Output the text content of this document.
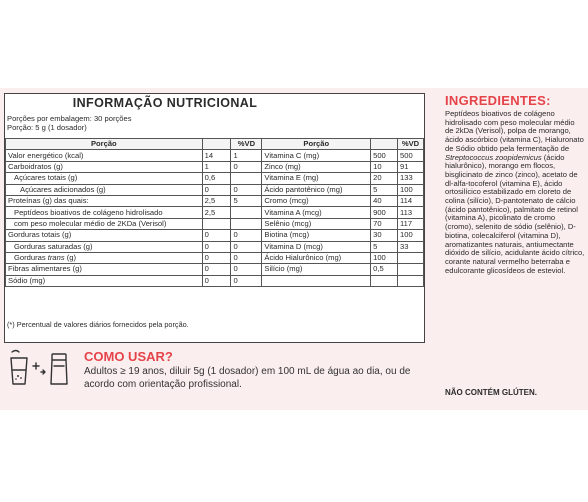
INFORMAÇÃO NUTRICIONAL
Porções por embalagem: 30 porções
Porção: 5 g (1 dosador)
Porção		%VD	Porção		%VD
Valor energético (kcal)	14	1	Vitamina C (mg)	500	500
Carboidratos (g)	1	0	Zinco (mg)	10	91
Açúcares totais (g)	0,6		Vitamina E (mg)	20	133
Açúcares adicionados (g)	0	0	Ácido pantotênico (mg)	5	100
Proteínas (g) das quais:	2,5	5	Cromo (mcg)	40	114
Peptídeos bioativos de colágeno hidrolisado	2,5		Vitamina A (mcg)	900	113
com peso molecular médio de 2KDa (Verisol)			Selênio (mcg)	70	117
Gorduras totais (g)	0	0	Biotina (mcg)	30	100
Gorduras saturadas (g)	0	0	Vitamina D (mcg)	5	33
Gorduras trans (g)	0	0	Ácido Hialurônico (mg)	100	
Fibras alimentares (g)	0	0	Silício (mg)	0,5	
Sódio (mg)	0	0			
(*) Percentual de valores diários fornecidos pela porção.
INGREDIENTES:
Peptídeos bioativos de colágeno hidrolisado com peso molecular médio de 2kDa (Verisol), polpa de morango, ácido ascórbico (vitamina C), Hialuronato de Sódio obtido pela fermentação de Streptococcus zoopidemicus (ácido hialurônico), morango em flocos, bisglicinato de zinco (zinco), acetato de dl-alfa-tocoferol (vitamina E), ácido ortosilícico estabilizado em cloreto de colina (silício), D-pantotenato de cálcio (ácido pantotênico), palmitato de retinol (vitamina A), picolinato de cromo (cromo), selenito de sódio (selênio), D-biotina, colecalciferol (vitamina D), aromatizantes naturais, antiumectante dióxido de silício, acidulante ácido cítrico, corante natural vermelho beterraba e edulcorante glicosídeos de esteviol.
NÃO CONTÉM GLÚTEN.
COMO USAR?
Adultos ≥ 19 anos, diluir 5g (1 dosador) em 100 mL de água ao dia, ou de acordo com orientação profissional.
